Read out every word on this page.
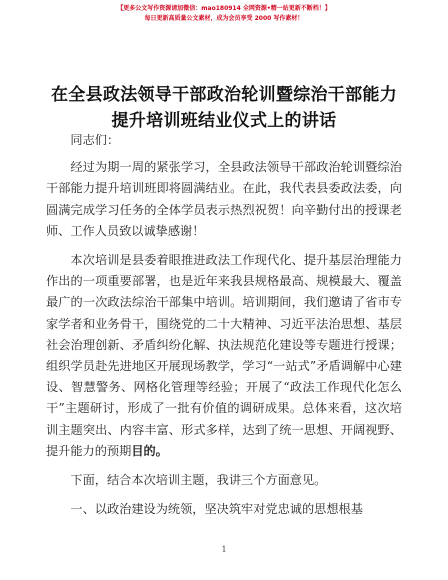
【更多公文写作资源请加微信：mao180914 全网资源•精一站更新不断档！】
每日更新高质量公文素材，成为会员享受 2000 写作素材！
在全县政法领导干部政治轮训暨综治干部能力
提升培训班结业仪式上的讲话

同志们：

经过为期一周的紧张学习，全县政法领导干部政治轮训暨综治干部能力提升培训班即将圆满结业。在此，我代表县委政法委，向圆满完成学习任务的全体学员表示热烈祝贺！向辛勤付出的授课老师、工作人员致以诚挚感谢！

本次培训是县委着眼推进政法工作现代化、提升基层治理能力作出的一项重要部署，也是近年来我县规格最高、规模最大、覆盖最广的一次政法综治干部集中培训。培训期间，我们邀请了省市专家学者和业务骨干，围绕党的二十大精神、习近平法治思想、基层社会治理创新、矛盾纠纷化解、执法规范化建设等专题进行授课；组织学员赴先进地区开展现场教学，学习“一站式”矛盾调解中心建设、智慧警务、网格化管理等经验；开展了“政法工作现代化怎么干”主题研讨，形成了一批有价值的调研成果。总体来看，这次培训主题突出、内容丰富、形式多样，达到了统一思想、开阔视野、提升能力的预期目的。

下面，结合本次培训主题，我讲三个方面意见。

一、以政治建设为统领，坚决筑牢对党忠诚的思想根基

1
